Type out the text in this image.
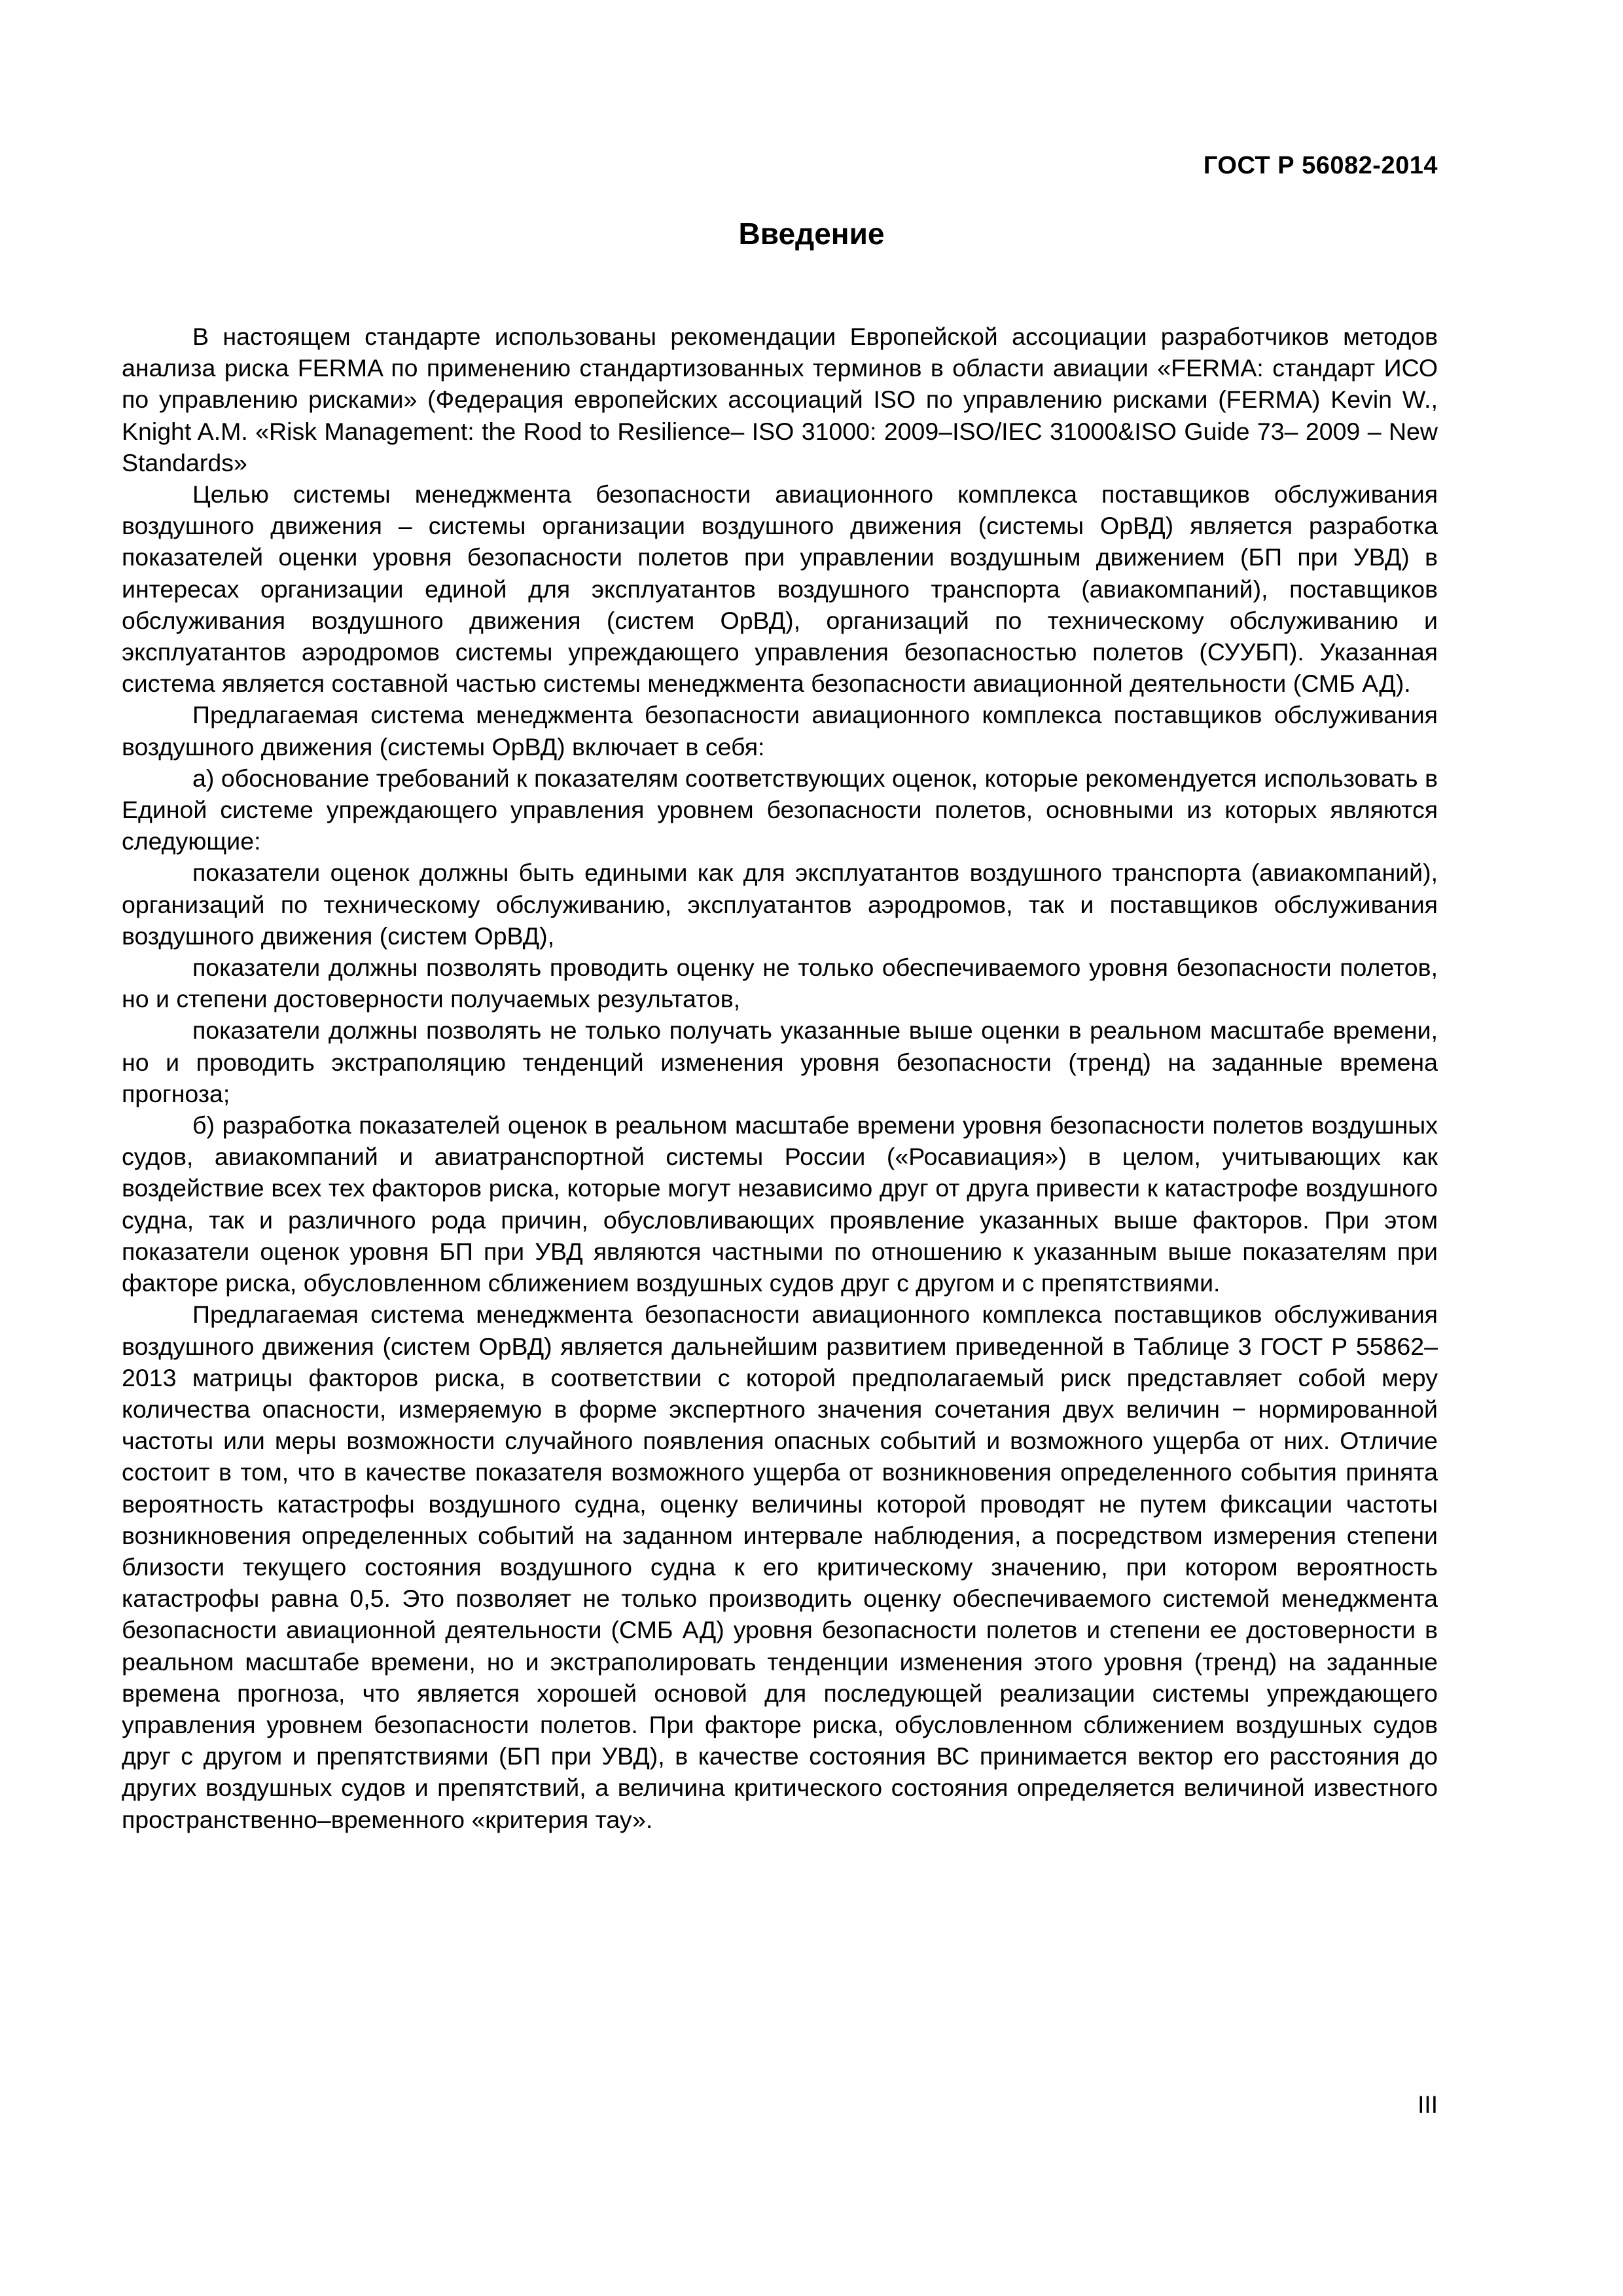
ГОСТ Р 56082-2014
Введение

В настоящем стандарте использованы рекомендации Европейской ассоциации разработчиков методов анализа риска FERMA по применению стандартизованных терминов в области авиации «FERMA: стандарт ИСО по управлению рисками» (Федерация европейских ассоциаций ISO по управлению рисками (FERMA) Kevin W., Knight A.M. «Risk Management: the Rood to Resilience– ISO 31000: 2009–ISO/IEC 31000&ISO Guide 73– 2009 – New Standards»

Целью системы менеджмента безопасности авиационного комплекса поставщиков обслуживания воздушного движения – системы организации воздушного движения (системы ОрВД) является разработка показателей оценки уровня безопасности полетов при управлении воздушным движением (БП при УВД) в интересах организации единой для эксплуатантов воздушного транспорта (авиакомпаний), поставщиков обслуживания воздушного движения (систем ОрВД), организаций по техническому обслуживанию и эксплуатантов аэродромов системы упреждающего управления безопасностью полетов (СУУБП). Указанная система является составной частью системы менеджмента безопасности авиационной деятельности (СМБ АД).

Предлагаемая система менеджмента безопасности авиационного комплекса поставщиков обслуживания воздушного движения (системы ОрВД) включает в себя:

а) обоснование требований к показателям соответствующих оценок, которые рекомендуется использовать в Единой системе упреждающего управления уровнем безопасности полетов, основными из которых являются следующие:

показатели оценок должны быть едиными как для эксплуатантов воздушного транспорта (авиакомпаний), организаций по техническому обслуживанию, эксплуатантов аэродромов, так и поставщиков обслуживания воздушного движения (систем ОрВД),

показатели должны позволять проводить оценку не только обеспечиваемого уровня безопасности полетов, но и степени достоверности получаемых результатов,

показатели должны позволять не только получать указанные выше оценки в реальном масштабе времени, но и проводить экстраполяцию тенденций изменения уровня безопасности (тренд) на заданные времена прогноза;

б) разработка показателей оценок в реальном масштабе времени уровня безопасности полетов воздушных судов, авиакомпаний и авиатранспортной системы России («Росавиация») в целом, учитывающих как воздействие всех тех факторов риска, которые могут независимо друг от друга привести к катастрофе воздушного судна, так и различного рода причин, обусловливающих проявление указанных выше факторов. При этом показатели оценок уровня БП при УВД являются частными по отношению к указанным выше показателям при факторе риска, обусловленном сближением воздушных судов друг с другом и с препятствиями.

Предлагаемая система менеджмента безопасности авиационного комплекса поставщиков обслуживания воздушного движения (систем ОрВД) является дальнейшим развитием приведенной в Таблице 3 ГОСТ Р 55862–2013 матрицы факторов риска, в соответствии с которой предполагаемый риск представляет собой меру количества опасности, измеряемую в форме экспертного значения сочетания двух величин − нормированной частоты или меры возможности случайного появления опасных событий и возможного ущерба от них. Отличие состоит в том, что в качестве показателя возможного ущерба от возникновения определенного события принята вероятность катастрофы воздушного судна, оценку величины которой проводят не путем фиксации частоты возникновения определенных событий на заданном интервале наблюдения, а посредством измерения степени близости текущего состояния воздушного судна к его критическому значению, при котором вероятность катастрофы равна 0,5. Это позволяет не только производить оценку обеспечиваемого системой менеджмента безопасности авиационной деятельности (СМБ АД) уровня безопасности полетов и степени ее достоверности в реальном масштабе времени, но и экстраполировать тенденции изменения этого уровня (тренд) на заданные времена прогноза, что является хорошей основой для последующей реализации системы упреждающего управления уровнем безопасности полетов. При факторе риска, обусловленном сближением воздушных судов друг с другом и препятствиями (БП при УВД), в качестве состояния ВС принимается вектор его расстояния до других воздушных судов и препятствий, а величина критического состояния определяется величиной известного пространственно–временного «критерия тау».

III
